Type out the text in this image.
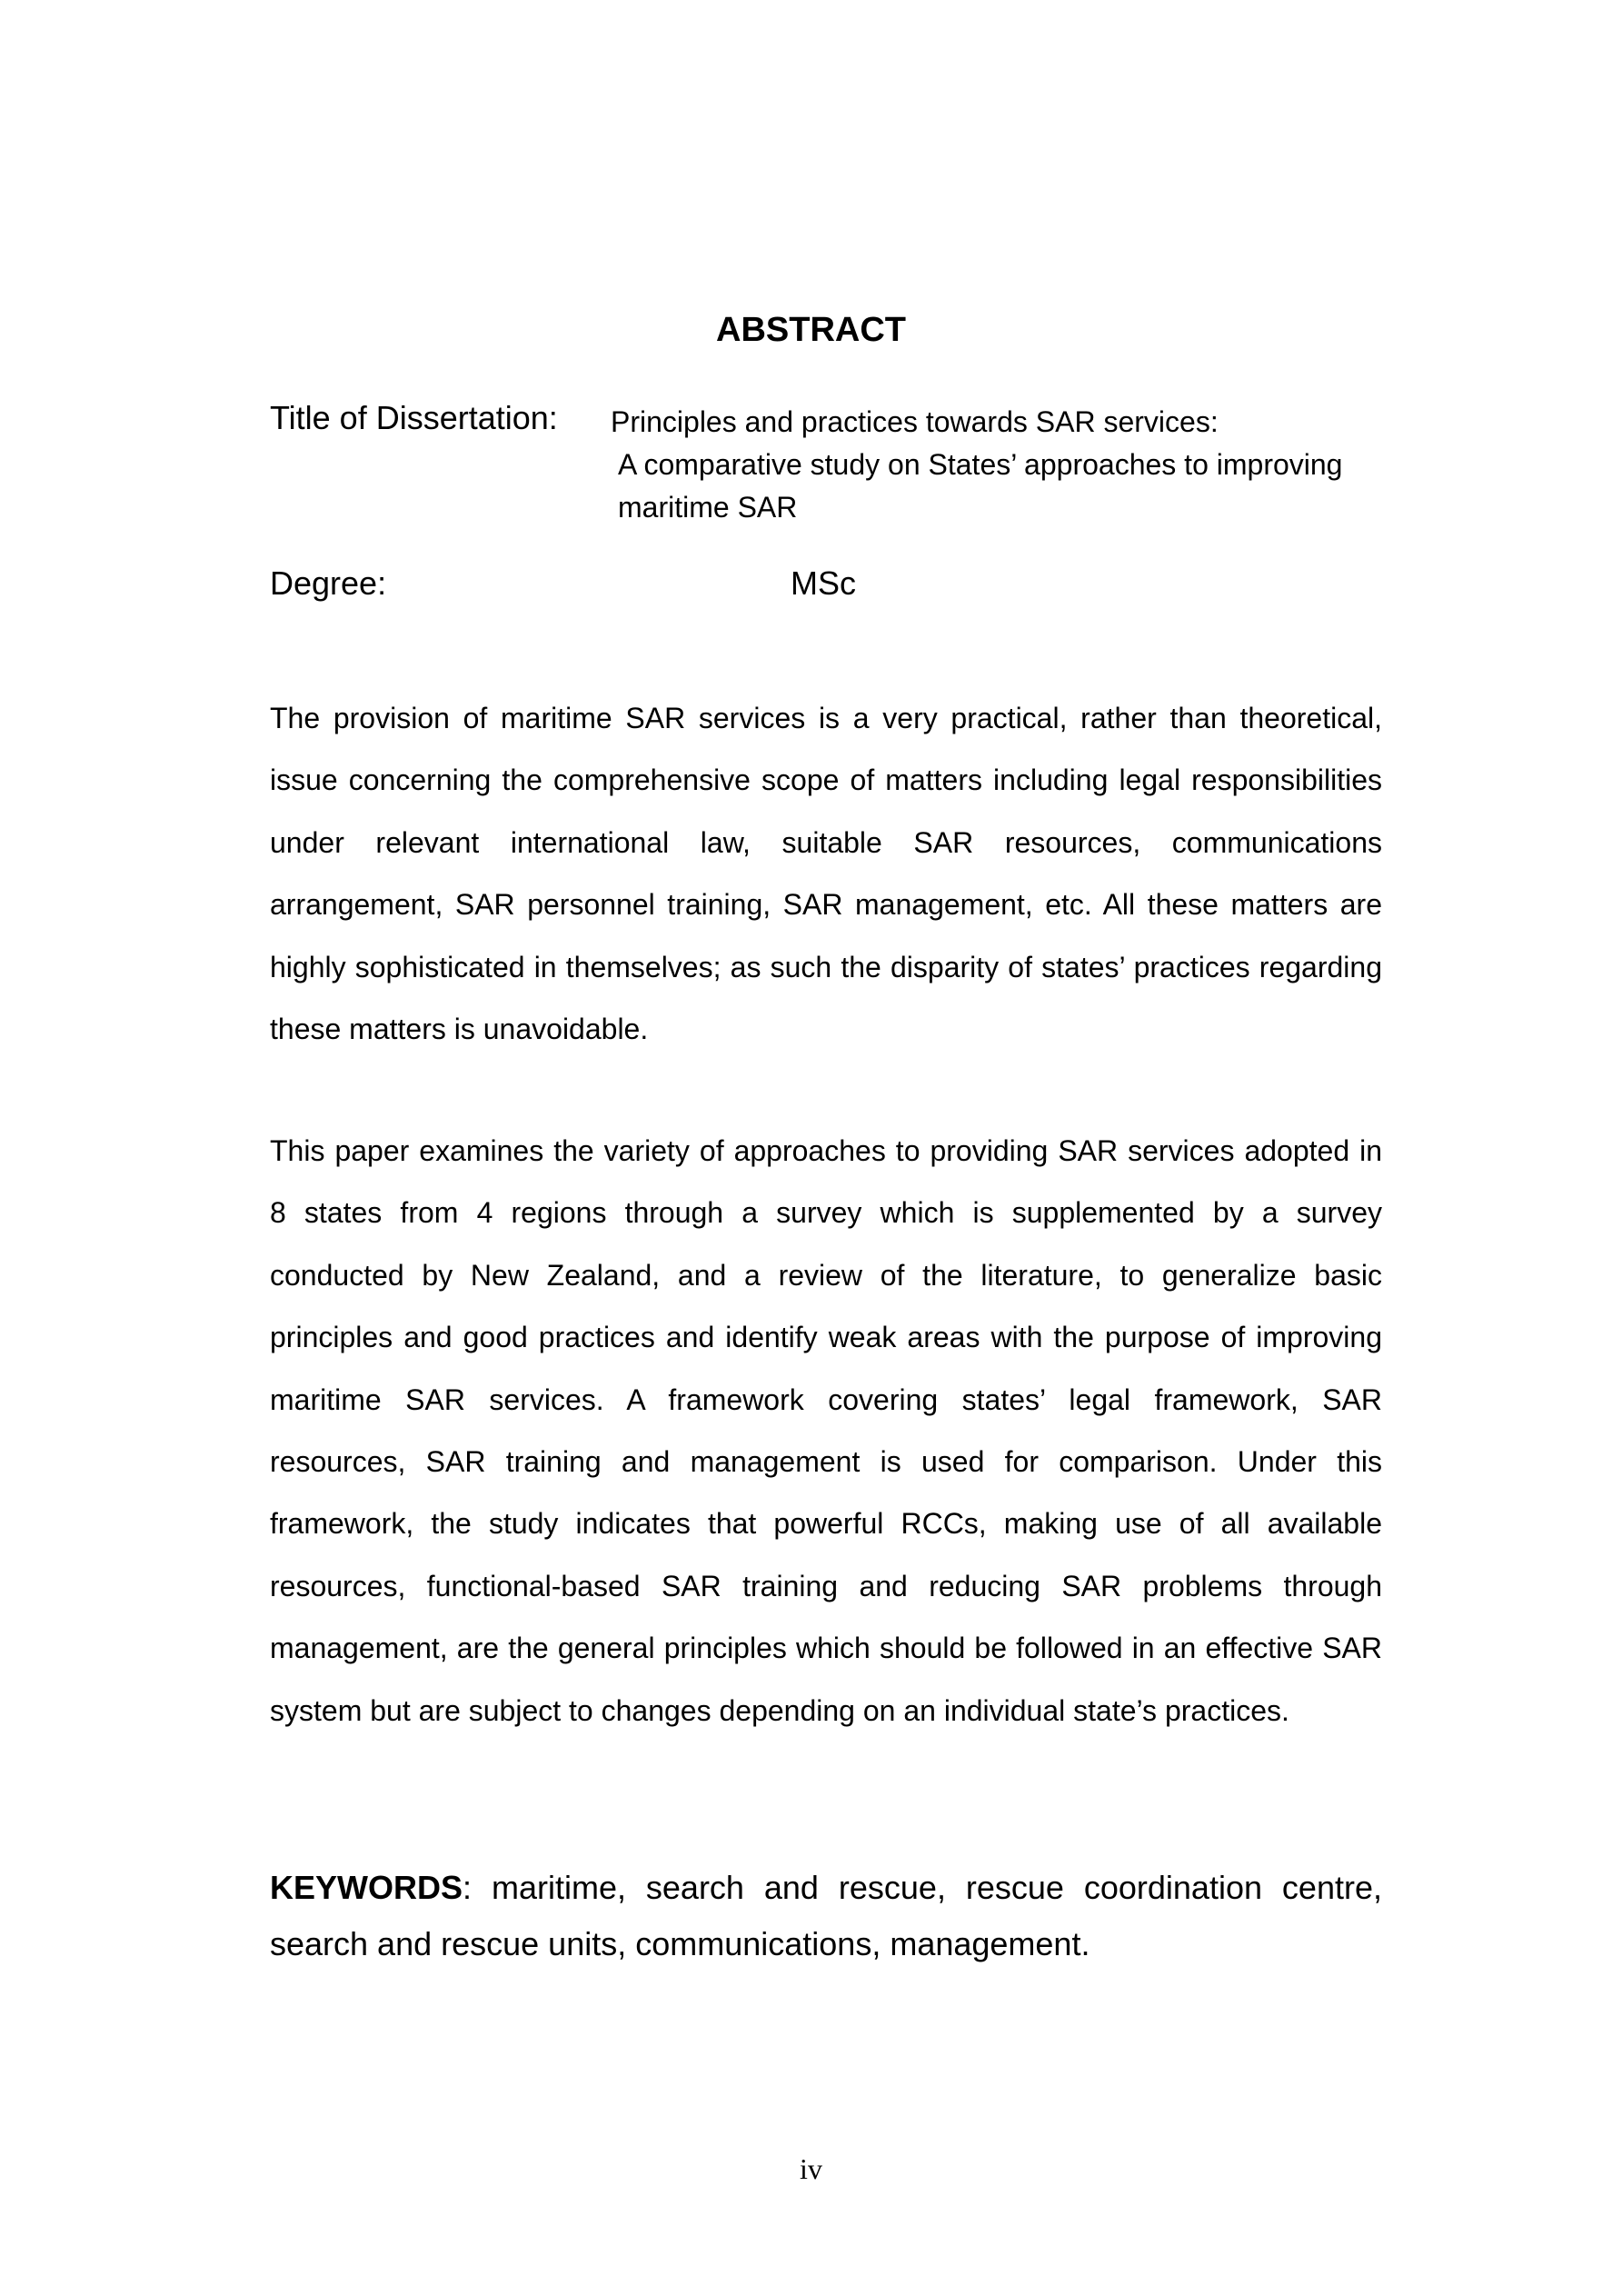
ABSTRACT
Title of Dissertation: Principles and practices towards SAR services:
A comparative study on States’ approaches to improving
maritime SAR
Degree:	MSc

The provision of maritime SAR services is a very practical, rather than theoretical, issue concerning the comprehensive scope of matters including legal responsibilities under relevant international law, suitable SAR resources, communications arrangement, SAR personnel training, SAR management, etc. All these matters are highly sophisticated in themselves; as such the disparity of states’ practices regarding these matters is unavoidable.

This paper examines the variety of approaches to providing SAR services adopted in 8 states from 4 regions through a survey which is supplemented by a survey conducted by New Zealand, and a review of the literature, to generalize basic principles and good practices and identify weak areas with the purpose of improving maritime SAR services. A framework covering states’ legal framework, SAR resources, SAR training and management is used for comparison. Under this framework, the study indicates that powerful RCCs, making use of all available resources, functional-based SAR training and reducing SAR problems through management, are the general principles which should be followed in an effective SAR system but are subject to changes depending on an individual state’s practices.

KEYWORDS: maritime, search and rescue, rescue coordination centre, search and rescue units, communications, management.

iv
